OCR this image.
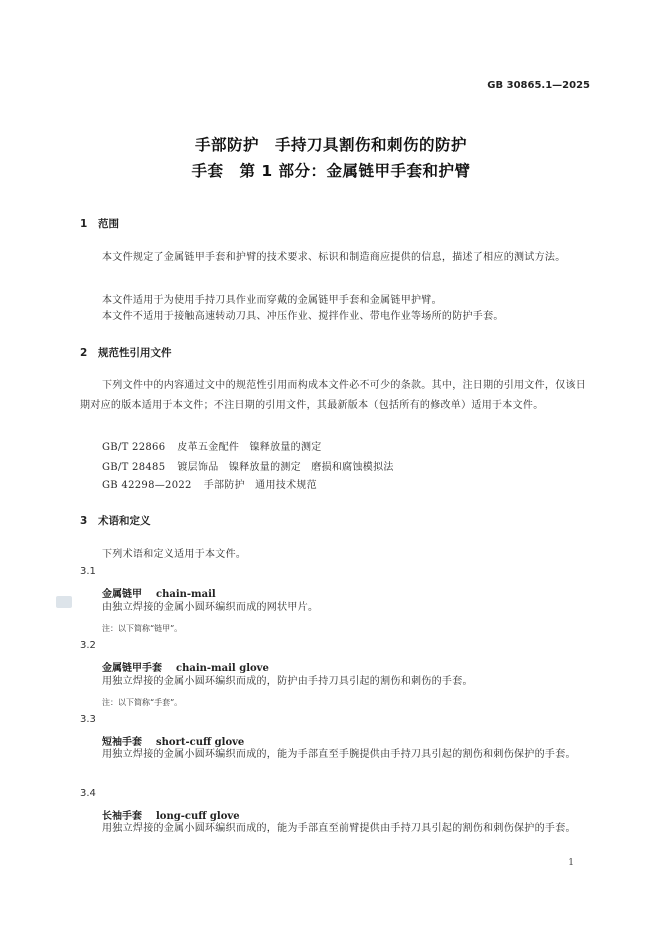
GB 30865.1—2025
手部防护　手持刀具割伤和刺伤的防护
手套　第 1 部分：金属链甲手套和护臂
1 范围
本文件规定了金属链甲手套和护臂的技术要求、标识和制造商应提供的信息，描述了相应的测试方法。
本文件适用于为使用手持刀具作业而穿戴的金属链甲手套和金属链甲护臂。
本文件不适用于接触高速转动刀具、冲压作业、搅拌作业、带电作业等场所的防护手套。
2 规范性引用文件
下列文件中的内容通过文中的规范性引用而构成本文件必不可少的条款。其中，注日期的引用文件，仅该日期对应的版本适用于本文件；不注日期的引用文件，其最新版本（包括所有的修改单）适用于本文件。
GB/T 22866 皮革五金配件　镍释放量的测定
GB/T 28485 镀层饰品　镍释放量的测定　磨损和腐蚀模拟法
GB 42298—2022 手部防护　通用技术规范
3 术语和定义
下列术语和定义适用于本文件。
3.1
金属链甲 chain-mail
由独立焊接的金属小圆环编织而成的网状甲片。
注：以下简称“链甲”。
3.2
金属链甲手套 chain-mail glove
用独立焊接的金属小圆环编织而成的，防护由手持刀具引起的割伤和刺伤的手套。
注：以下简称“手套”。
3.3
短袖手套 short-cuff glove
用独立焊接的金属小圆环编织而成的，能为手部直至手腕提供由手持刀具引起的割伤和刺伤保护的手套。
3.4
长袖手套 long-cuff glove
用独立焊接的金属小圆环编织而成的，能为手部直至前臂提供由手持刀具引起的割伤和刺伤保护的手套。
1
